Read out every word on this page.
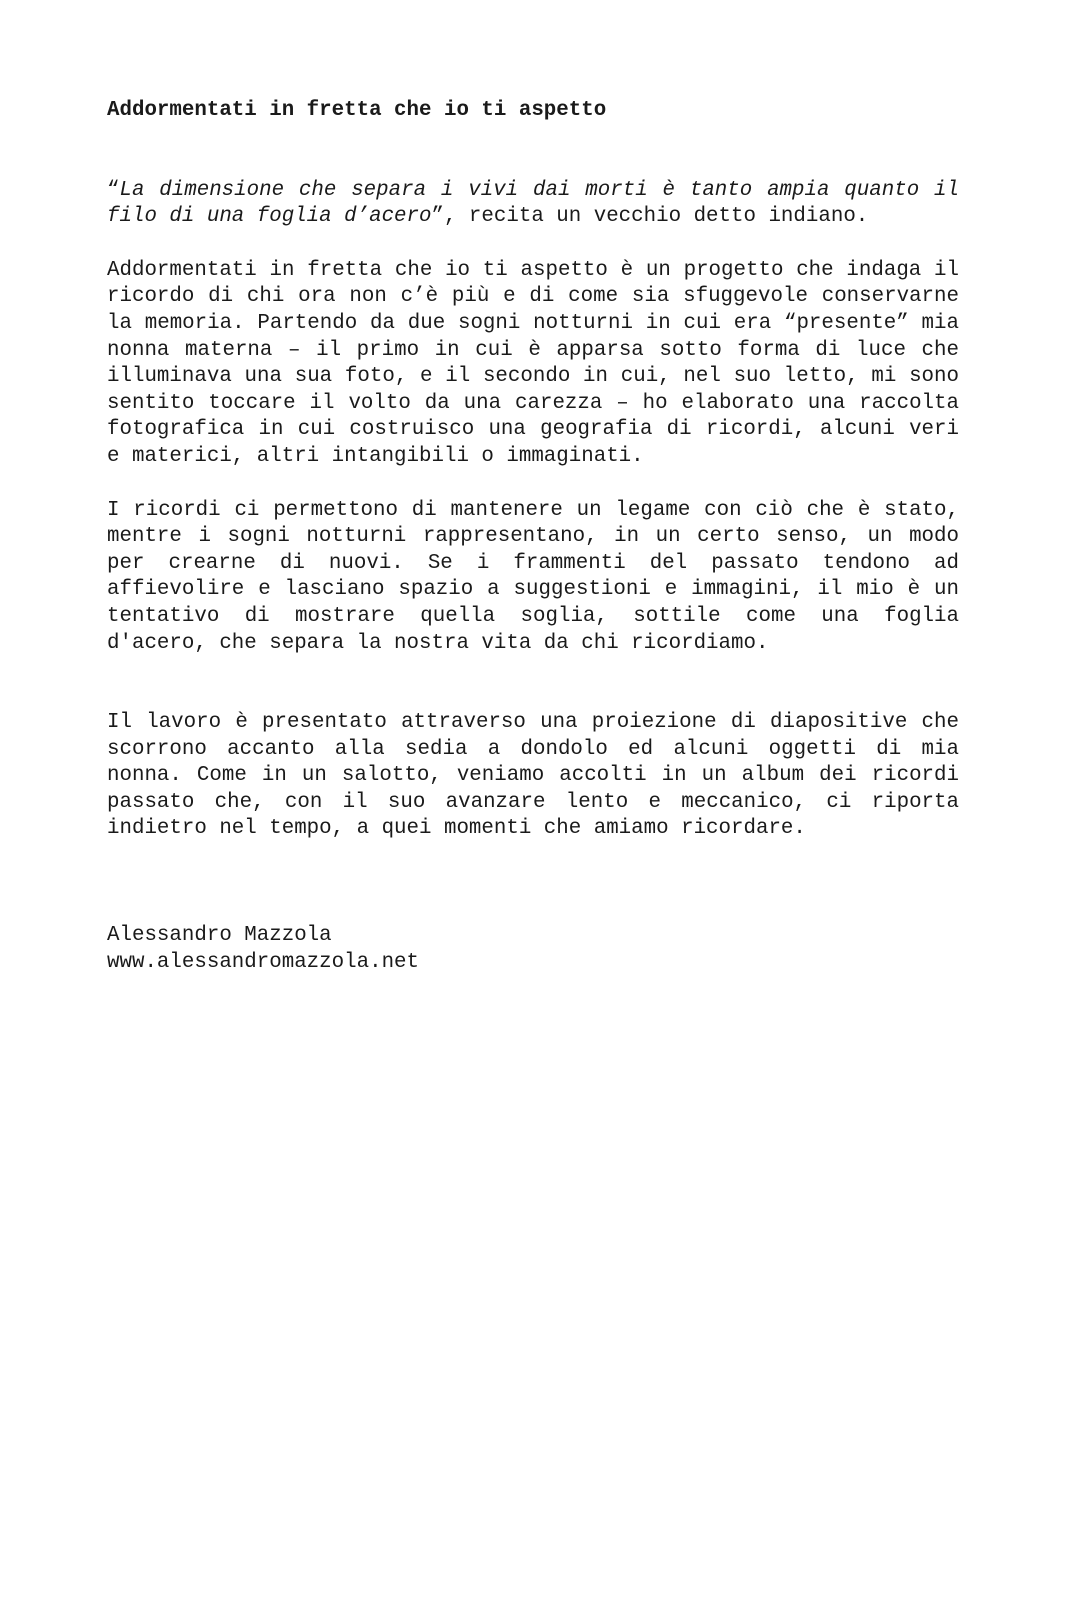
Addormentati in fretta che io ti aspetto

“La dimensione che separa i vivi dai morti è tanto ampia quanto il filo di una foglia d’acero”, recita un vecchio detto indiano.

Addormentati in fretta che io ti aspetto è un progetto che indaga il ricordo di chi ora non c’è più e di come sia sfuggevole conservarne la memoria. Partendo da due sogni notturni in cui era “presente” mia nonna materna – il primo in cui è apparsa sotto forma di luce che illuminava una sua foto, e il secondo in cui, nel suo letto, mi sono sentito toccare il volto da una carezza – ho elaborato una raccolta fotografica in cui costruisco una geografia di ricordi, alcuni veri e materici, altri intangibili o immaginati.

I ricordi ci permettono di mantenere un legame con ciò che è stato, mentre i sogni notturni rappresentano, in un certo senso, un modo per crearne di nuovi. Se i frammenti del passato tendono ad affievolire e lasciano spazio a suggestioni e immagini, il mio è un tentativo di mostrare quella soglia, sottile come una foglia d'acero, che separa la nostra vita da chi ricordiamo.

Il lavoro è presentato attraverso una proiezione di diapositive che scorrono accanto alla sedia a dondolo ed alcuni oggetti di mia nonna. Come in un salotto, veniamo accolti in un album dei ricordi passato che, con il suo avanzare lento e meccanico, ci riporta indietro nel tempo, a quei momenti che amiamo ricordare.

Alessandro Mazzola
www.alessandromazzola.net
